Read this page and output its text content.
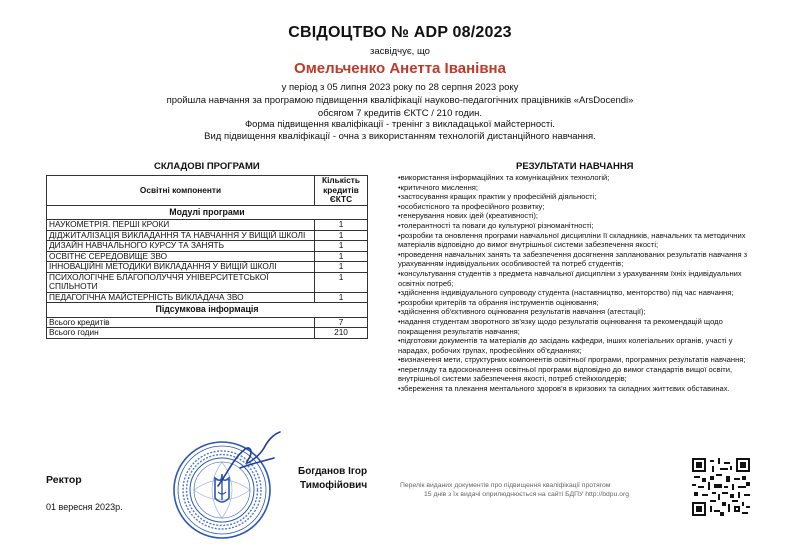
СВІДОЦТВО № ADP 08/2023
засвідчує, що
Омельченко Анетта Іванівна
у період з 05 липня 2023 року по 28 серпня 2023 року
пройшла навчання за програмою підвищення кваліфікації науково-педагогічних працівників «ArsDocendi»
обсягом 7 кредитів ЄКТС / 210 годин.
Форма підвищення кваліфікації - тренінг з викладацької майстерності.
Вид підвищення кваліфікації - очна з використанням технологій дистанційного навчання.
СКЛАДОВІ ПРОГРАМИ
Освітні компоненти	Кількість кредитів ЄКТС
Модулі програми	
НАУКОМЕТРІЯ. ПЕРШІ КРОКИ	1
ДІДЖИТАЛІЗАЦІЯ ВИКЛАДАННЯ ТА НАВЧАННЯ У ВИЩІЙ ШКОЛІ	1
ДИЗАЙН НАВЧАЛЬНОГО КУРСУ ТА ЗАНЯТЬ	1
ОСВІТНЄ СЕРЕДОВИЩЕ ЗВО	1
ІННОВАЦІЙНІ МЕТОДИКИ ВИКЛАДАННЯ У ВИЩІЙ ШКОЛІ	1
ПСИХОЛОГІЧНЕ БЛАГОПОЛУЧЧЯ УНІВЕРСИТЕТСЬКОЇ СПІЛЬНОТИ	1
ПЕДАГОГІЧНА МАЙСТЕРНІСТЬ ВИКЛАДАЧА ЗВО	1
Підсумкова інформація	
Всього кредитів	7
Всього годин	210
РЕЗУЛЬТАТИ НАВЧАННЯ
•використання інформаційних та комунікаційних технологій;
•критичного мислення;
•застосування кращих практик у професійній діяльності;
•особистісного та професійного розвитку;
•генерування нових ідей (креативності);
•толерантності та поваги до культурної різноманітності;
•розробки та оновлення програми навчальної дисципліни її складників, навчальних та методичних матеріалів відповідно до вимог внутрішньої системи забезпечення якості;
•проведення навчальних занять та забезпечення досягнення запланованих результатів навчання з урахуванням індивідуальних особливостей та потреб студентів;
•консультування студентів з предмета навчальної дисципліни з урахуванням їхніх індивідуальних освітніх потреб;
•здійснення індивідуального супроводу студента (наставництво, менторство) під час навчання;
•розробки критеріїв та обрання інструментів оцінювання;
•здійснення об'єктивного оцінювання результатів навчання (атестації);
•надання студентам зворотного зв'язку щодо результатів оцінювання та рекомендацій щодо покращення результатів навчання;
•підготовки документів та матеріалів до засідань кафедри, інших колегіальних органів, участі у нарадах, робочих групах, професійних об'єднаннях;
•визначення мети, структурних компонентів освітньої програми, програмних результатів навчання;
•перегляду та вдосконалення освітньої програми відповідно до вимог стандартів вищої освіти, внутрішньої системи забезпечення якості, потреб стейкхолдерів;
•збереження та плекання ментального здоров'я в кризових та складних життєвих обставинах.
Ректор
01 вересня 2023р.
Богданов Ігор
Тимофійович	Перелік виданих документів про підвищення кваліфікації протягом
15 днів з їх видачі оприлюднюється на сайті БДПУ http://bdpu.org
